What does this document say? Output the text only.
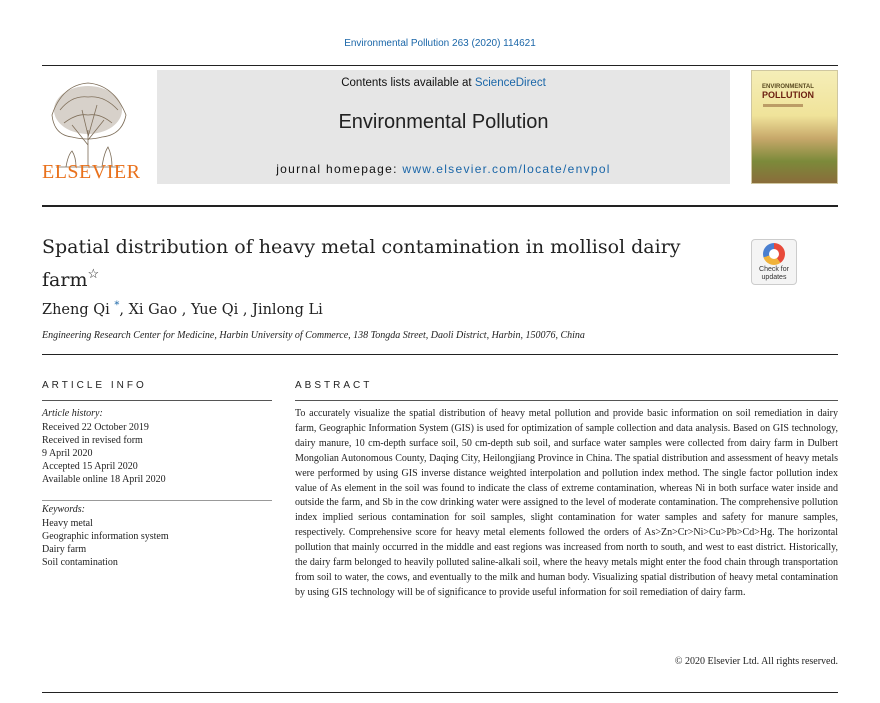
Environmental Pollution 263 (2020) 114621
ELSEVIER
Contents lists available at ScienceDirect
Environmental Pollution
journal homepage: www.elsevier.com/locate/envpol
ENVIRONMENTAL
POLLUTION
Spatial distribution of heavy metal contamination in mollisol dairy
farm☆	Check for
updates
Zheng Qi *, Xi Gao , Yue Qi , Jinlong Li
Engineering Research Center for Medicine, Harbin University of Commerce, 138 Tongda Street, Daoli District, Harbin, 150076, China
ARTICLE INFO
Article history:
Received 22 October 2019
Received in revised form
9 April 2020
Accepted 15 April 2020
Available online 18 April 2020
Keywords:
Heavy metal
Geographic information system
Dairy farm
Soil contamination
ABSTRACT

To accurately visualize the spatial distribution of heavy metal pollution and provide basic information on soil remediation in dairy farm, Geographic Information System (GIS) is used for optimization of sample collection and data analysis. Based on GIS technology, dairy manure, 10 cm-depth surface soil, 50 cm-depth sub soil, and surface water samples were collected from dairy farm in Dulbert Mongolian Autonomous County, Daqing City, Heilongjiang Province in China. The spatial distribution and assessment of heavy metals were performed by using GIS inverse distance weighted interpolation and pollution index method. The single factor pollution index value of As element in the soil was found to indicate the class of extreme contamination, whereas Ni in both surface water inside and outside the farm, and Sb in the cow drinking water were assigned to the level of moderate contamination. The comprehensive pollution index implied serious contamination for soil samples, slight contamination for water samples and safety for manure samples, respectively. Comprehensive score for heavy metal elements followed the orders of As>Zn>Cr>Ni>Cu>Pb>Cd>Hg. The horizontal pollution that mainly occurred in the middle and east regions was increased from north to south, and west to east district. Historically, the dairy farm belonged to heavily polluted saline-alkali soil, where the heavy metals might enter the food chain through transportation from soil to water, the cows, and eventually to the milk and human body. Visualizing spatial distribution of heavy metal contamination by using GIS technology will be of significance to provide useful information for soil remediation of dairy farm.

© 2020 Elsevier Ltd. All rights reserved.
